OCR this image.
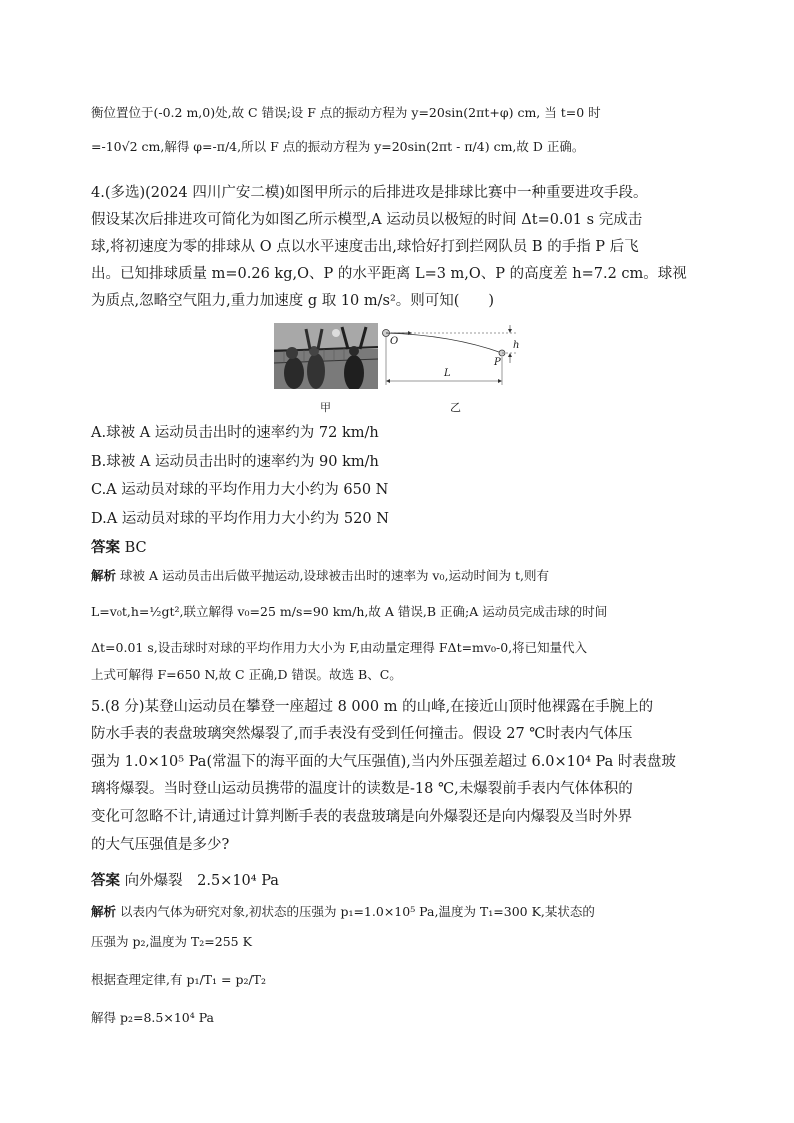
衡位置位于(-0.2 m,0)处,故 C 错误;设 F 点的振动方程为 y=20sin(2πt+φ) cm, 当 t=0 时
=-10√2 cm,解得 φ=-π/4,所以 F 点的振动方程为 y=20sin(2πt - π/4) cm,故 D 正确。
4.(多选)(2024 四川广安二模)如图甲所示的后排进攻是排球比赛中一种重要进攻手段。
假设某次后排进攻可简化为如图乙所示模型,A 运动员以极短的时间 Δt=0.01 s 完成击
球,将初速度为零的排球从 O 点以水平速度击出,球恰好打到拦网队员 B 的手指 P 后飞
出。已知排球质量 m=0.26 kg,O、P 的水平距离 L=3 m,O、P 的高度差 h=7.2 cm。球视
为质点,忽略空气阻力,重力加速度 g 取 10 m/s²。则可知(　　)
O
P
h
L
甲	乙
A.球被 A 运动员击出时的速率约为 72 km/h
B.球被 A 运动员击出时的速率约为 90 km/h
C.A 运动员对球的平均作用力大小约为 650 N
D.A 运动员对球的平均作用力大小约为 520 N
答案 BC
解析 球被 A 运动员击出后做平抛运动,设球被击出时的速率为 v₀,运动时间为 t,则有
L=v₀t,h=½gt²,联立解得 v₀=25 m/s=90 km/h,故 A 错误,B 正确;A 运动员完成击球的时间
Δt=0.01 s,设击球时对球的平均作用力大小为 F,由动量定理得 FΔt=mv₀-0,将已知量代入
上式可解得 F=650 N,故 C 正确,D 错误。故选 B、C。
5.(8 分)某登山运动员在攀登一座超过 8 000 m 的山峰,在接近山顶时他裸露在手腕上的
防水手表的表盘玻璃突然爆裂了,而手表没有受到任何撞击。假设 27 ℃时表内气体压
强为 1.0×10⁵ Pa(常温下的海平面的大气压强值),当内外压强差超过 6.0×10⁴ Pa 时表盘玻
璃将爆裂。当时登山运动员携带的温度计的读数是-18 ℃,未爆裂前手表内气体体积的
变化可忽略不计,请通过计算判断手表的表盘玻璃是向外爆裂还是向内爆裂及当时外界
的大气压强值是多少?
答案 向外爆裂　2.5×10⁴ Pa
解析 以表内气体为研究对象,初状态的压强为 p₁=1.0×10⁵ Pa,温度为 T₁=300 K,某状态的
压强为 p₂,温度为 T₂=255 K
根据查理定律,有 p₁/T₁ = p₂/T₂
解得 p₂=8.5×10⁴ Pa
